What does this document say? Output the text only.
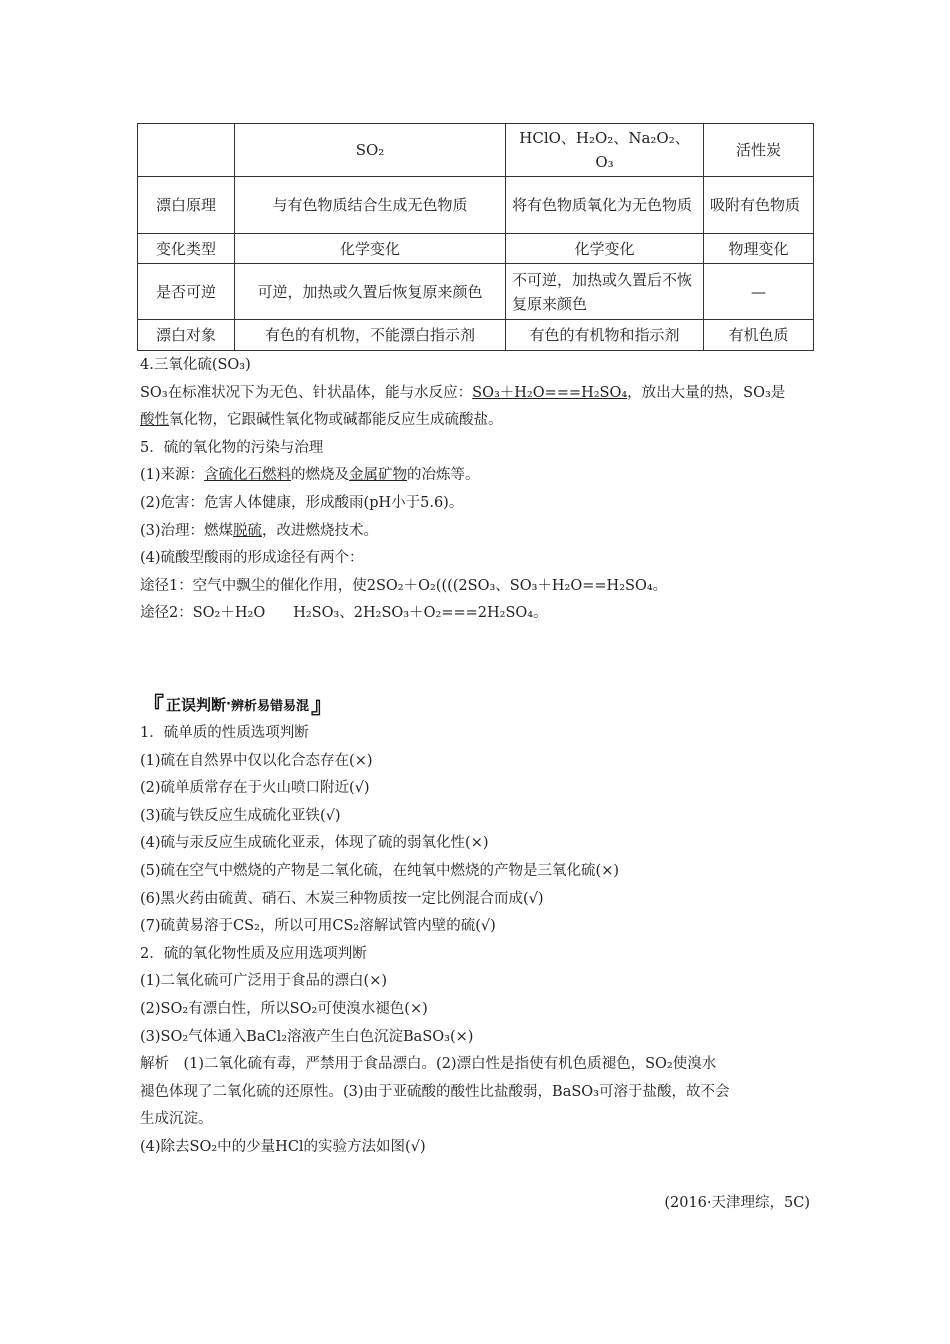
	SO₂	HClO、H₂O₂、Na₂O₂、O₃	活性炭
漂白原理	与有色物质结合生成无色物质	将有色物质氧化为无色物质	吸附有色物质
变化类型	化学变化	化学变化	物理变化
是否可逆	可逆，加热或久置后恢复原来颜色	不可逆，加热或久置后不恢复原来颜色	—
漂白对象	有色的有机物，不能漂白指示剂	有色的有机物和指示剂	有机色质
4.三氧化硫(SO₃)
SO₃在标准状况下为无色、针状晶体，能与水反应：SO₃＋H₂O===H₂SO₄，放出大量的热，SO₃是
酸性氧化物，它跟碱性氧化物或碱都能反应生成硫酸盐。
5．硫的氧化物的污染与治理
(1)来源：含硫化石燃料的燃烧及金属矿物的冶炼等。
(2)危害：危害人体健康，形成酸雨(pH小于5.6)。
(3)治理：燃煤脱硫，改进燃烧技术。
(4)硫酸型酸雨的形成途径有两个：
途径1：空气中飘尘的催化作用，使2SO₂＋O₂((((2SO₃、SO₃＋H₂O==H₂SO₄。
途径2：SO₂＋H₂O H₂SO₃、2H₂SO₃＋O₂===2H₂SO₄。
『 正误判断 · 辨析易错易混 』
1．硫单质的性质选项判断
(1)硫在自然界中仅以化合态存在(×)
(2)硫单质常存在于火山喷口附近(√)
(3)硫与铁反应生成硫化亚铁(√)
(4)硫与汞反应生成硫化亚汞，体现了硫的弱氧化性(×)
(5)硫在空气中燃烧的产物是二氧化硫，在纯氧中燃烧的产物是三氧化硫(×)
(6)黑火药由硫黄、硝石、木炭三种物质按一定比例混合而成(√)
(7)硫黄易溶于CS₂，所以可用CS₂溶解试管内壁的硫(√)
2．硫的氧化物性质及应用选项判断
(1)二氧化硫可广泛用于食品的漂白(×)
(2)SO₂有漂白性，所以SO₂可使溴水褪色(×)
(3)SO₂气体通入BaCl₂溶液产生白色沉淀BaSO₃(×)
解析　(1)二氧化硫有毒，严禁用于食品漂白。(2)漂白性是指使有机色质褪色，SO₂使溴水
褪色体现了二氧化硫的还原性。(3)由于亚硫酸的酸性比盐酸弱，BaSO₃可溶于盐酸，故不会
生成沉淀。
(4)除去SO₂中的少量HCl的实验方法如图(√)
(2016·天津理综，5C)
